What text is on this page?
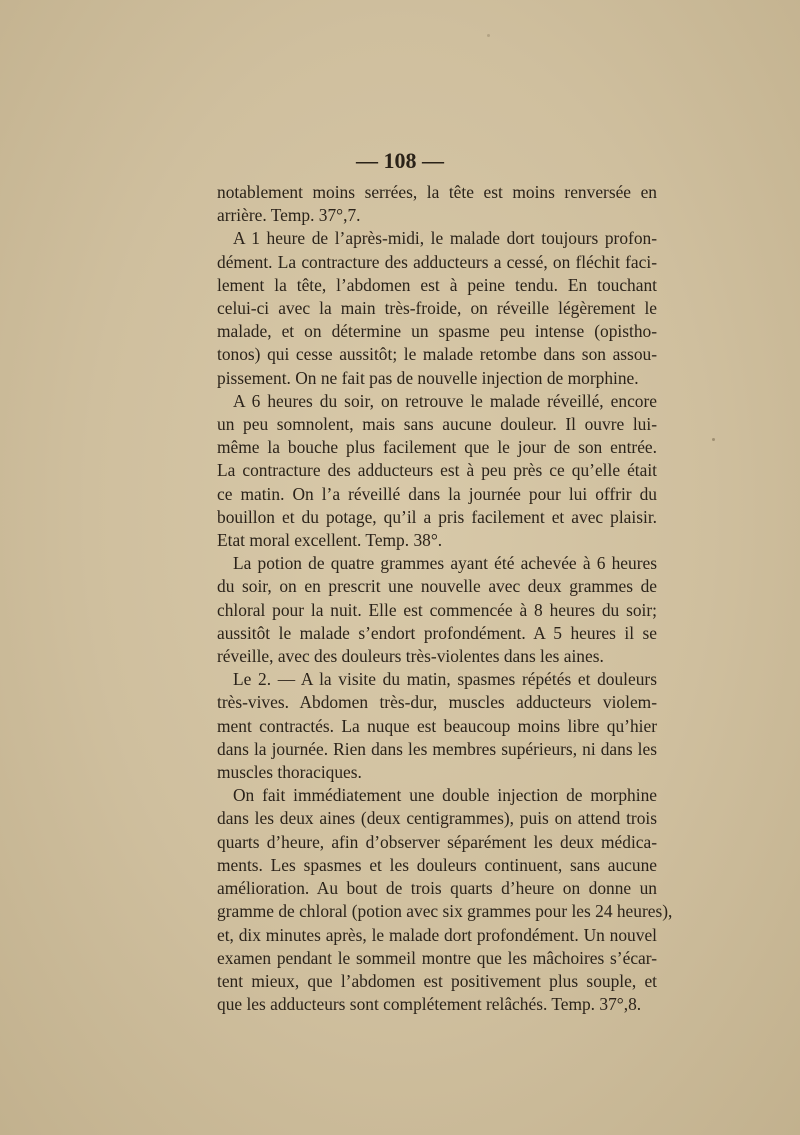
— 108 —
notablement moins serrées, la tête est moins renversée en
arrière. Temp. 37°,7.
A 1 heure de l’après-midi, le malade dort toujours profon-
dément. La contracture des adducteurs a cessé, on fléchit faci-
lement la tête, l’abdomen est à peine tendu. En touchant
celui-ci avec la main très-froide, on réveille légèrement le
malade, et on détermine un spasme peu intense (opistho-
tonos) qui cesse aussitôt; le malade retombe dans son assou-
pissement. On ne fait pas de nouvelle injection de morphine.
A 6 heures du soir, on retrouve le malade réveillé, encore
un peu somnolent, mais sans aucune douleur. Il ouvre lui-
même la bouche plus facilement que le jour de son entrée.
La contracture des adducteurs est à peu près ce qu’elle était
ce matin. On l’a réveillé dans la journée pour lui offrir du
bouillon et du potage, qu’il a pris facilement et avec plaisir.
Etat moral excellent. Temp. 38°.
La potion de quatre grammes ayant été achevée à 6 heures
du soir, on en prescrit une nouvelle avec deux grammes de
chloral pour la nuit. Elle est commencée à 8 heures du soir;
aussitôt le malade s’endort profondément. A 5 heures il se
réveille, avec des douleurs très-violentes dans les aines.
Le 2. — A la visite du matin, spasmes répétés et douleurs
très-vives. Abdomen très-dur, muscles adducteurs violem-
ment contractés. La nuque est beaucoup moins libre qu’hier
dans la journée. Rien dans les membres supérieurs, ni dans les
muscles thoraciques.
On fait immédiatement une double injection de morphine
dans les deux aines (deux centigrammes), puis on attend trois
quarts d’heure, afin d’observer séparément les deux médica-
ments. Les spasmes et les douleurs continuent, sans aucune
amélioration. Au bout de trois quarts d’heure on donne un
gramme de chloral (potion avec six grammes pour les 24 heures),
et, dix minutes après, le malade dort profondément. Un nouvel
examen pendant le sommeil montre que les mâchoires s’écar-
tent mieux, que l’abdomen est positivement plus souple, et
que les adducteurs sont complétement relâchés. Temp. 37°,8.
